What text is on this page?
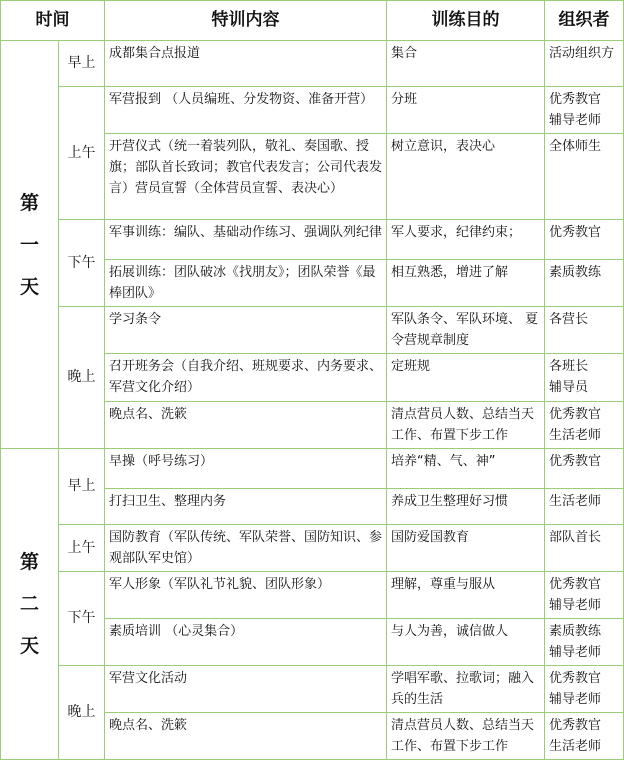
时间		特训内容	训练目的	组织者
第
一
天	早上	成都集合点报道	集合	活动组织方

	上午	军营报到 （人员编班、分发物资、准备开营）	分班	优秀教官
辅导老师

		开营仪式（统一着装列队，敬礼、奏国歌、授旗；部队首长致词；教官代表发言；公司代表发言）营员宣誓（全体营员宣誓、表决心）	树立意识，表决心	全体师生

	下午	军事训练：编队、基础动作练习、强调队列纪律	军人要求，纪律约束；	优秀教官

		拓展训练：团队破冰《找朋友》；团队荣誉《最棒团队》	相互熟悉，增进了解	素质教练

	晚上	学习条令	军队条令、军队环境、 夏令营规章制度	各营长

		召开班务会（自我介绍、班规要求、内务要求、军营文化介绍）	定班规	各班长
辅导员

		晚点名、洗簌	清点营员人数、总结当天工作、布置下步工作	优秀教官
生活老师

第
二
天	早上	早操（呼号练习）	培养“精、气、神”	优秀教官

		打扫卫生、整理内务	养成卫生整理好习惯	生活老师

	上午	国防教育（军队传统、军队荣誉、国防知识、参观部队军史馆）	国防爱国教育	部队首长

	下午	军人形象（军队礼节礼貌、团队形象）	理解，尊重与服从	优秀教官
辅导老师

		素质培训 （心灵集合）	与人为善，诚信做人	素质教练
辅导老师

	晚上	军营文化活动	学唱军歌、拉歌词；融入兵的生活	优秀教官
辅导老师

		晚点名、洗簌	清点营员人数、总结当天工作、布置下步工作	优秀教官
生活老师
